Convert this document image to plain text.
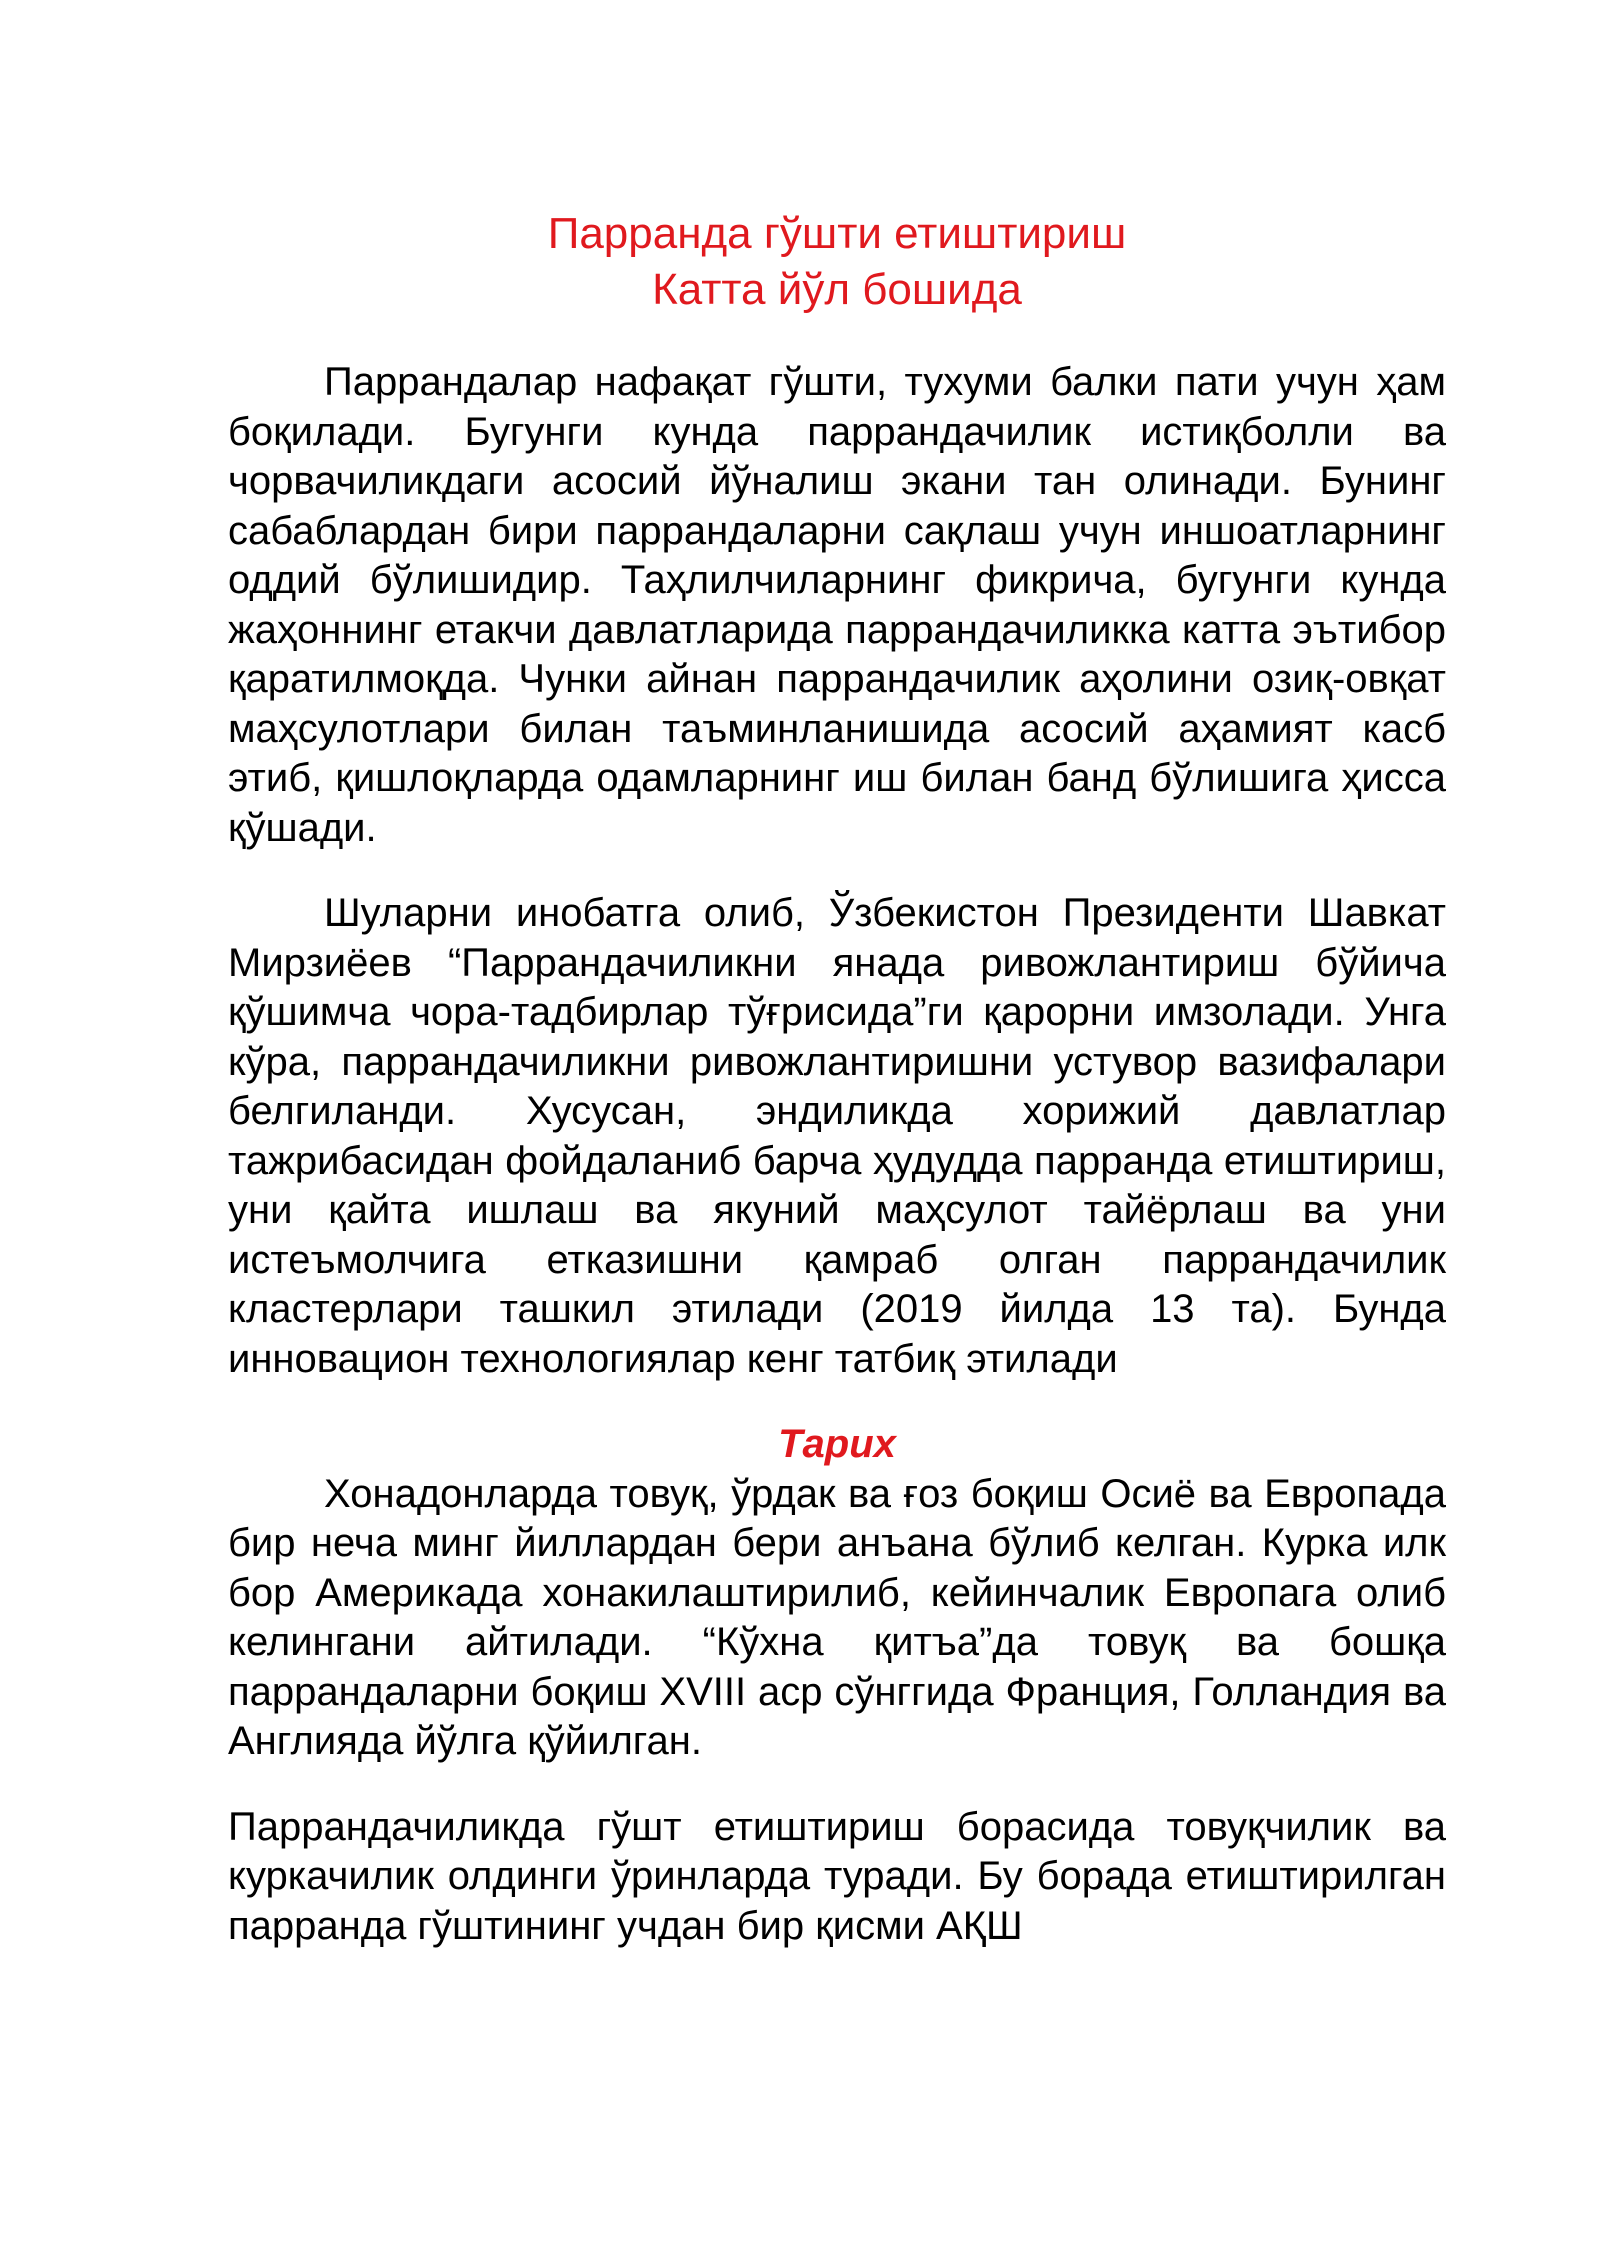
Парранда гўшти етиштириш
Катта йўл бошида

Паррандалар нафақат гўшти, тухуми балки пати учун ҳам боқилади. Бугунги кунда паррандачилик истиқболли ва чорвачиликдаги асосий йўналиш экани тан олинади. Бунинг сабаблардан бири паррандаларни сақлаш учун иншоатларнинг оддий бўлишидир. Таҳлилчиларнинг фикрича, бугунги кунда жаҳоннинг етакчи давлатларида паррандачиликка катта эътибор қаратилмоқда. Чунки айнан паррандачилик аҳолини озиқ-овқат маҳсулотлари билан таъминланишида асосий аҳамият касб этиб, қишлоқларда одамларнинг иш билан банд бўлишига ҳисса қўшади.

Шуларни инобатга олиб, Ўзбекистон Президенти Шавкат Мирзиёев “Паррандачиликни янада ривожлантириш бўйича қўшимча чора-тадбирлар тўғрисида”ги қарорни имзолади. Унга кўра, паррандачиликни ривожлантиришни устувор вазифалари белгиланди. Хусусан, эндиликда хорижий давлатлар тажрибасидан фойдаланиб барча ҳудудда парранда етиштириш, уни қайта ишлаш ва якуний маҳсулот тайёрлаш ва уни истеъмолчига етказишни қамраб олган паррандачилик кластерлари ташкил этилади (2019 йилда 13 та). Бунда инновацион технологиялар кенг татбиқ этилади

Тарих

Хонадонларда товуқ, ўрдак ва ғоз боқиш Осиё ва Европада бир неча минг йиллардан бери анъана бўлиб келган. Курка илк бор Америкада хонакилаштирилиб, кейинчалик Европага олиб келингани айтилади. “Кўхна қитъа”да товуқ ва бошқа паррандаларни боқиш XVIII аср сўнггида Франция, Голландия ва Англияда йўлга қўйилган.

Паррандачиликда гўшт етиштириш борасида товуқчилик ва куркачилик олдинги ўринларда туради. Бу борада етиштирилган парранда гўштининг учдан бир қисми АҚШ
